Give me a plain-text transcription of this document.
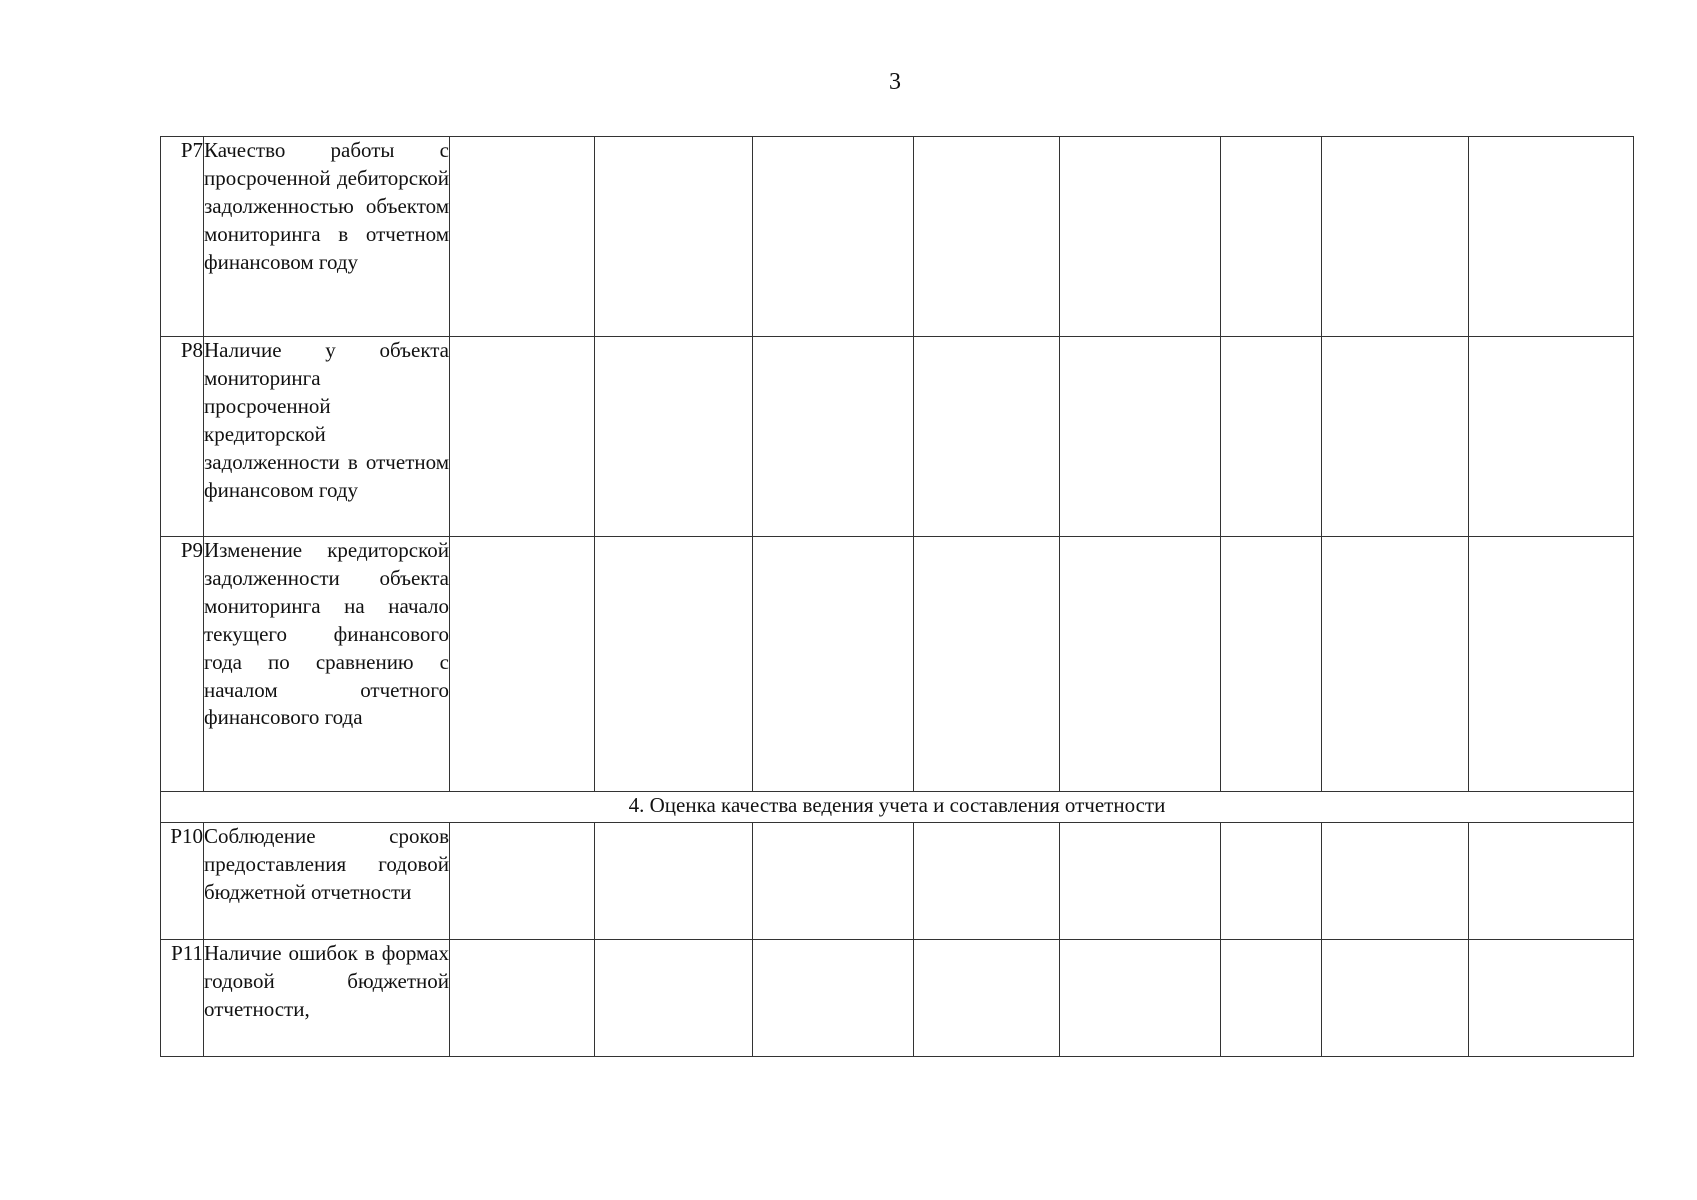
3
Р7	Качество работы с просроченной дебиторской задолженностью объектом мониторинга в отчетном финансовом году								
Р8	Наличие у объекта мониторинга просроченной кредиторской задолженности в отчетном финансовом году								
Р9	Изменение кредиторской задолженности объекта мониторинга на начало текущего финансового года по сравнению с началом отчетного финансового года								
4. Оценка качества ведения учета и составления отчетности									
Р10	Соблюдение сроков предоставления годовой бюджетной отчетности								
Р11	Наличие ошибок в формах годовой бюджетной отчетности,								
